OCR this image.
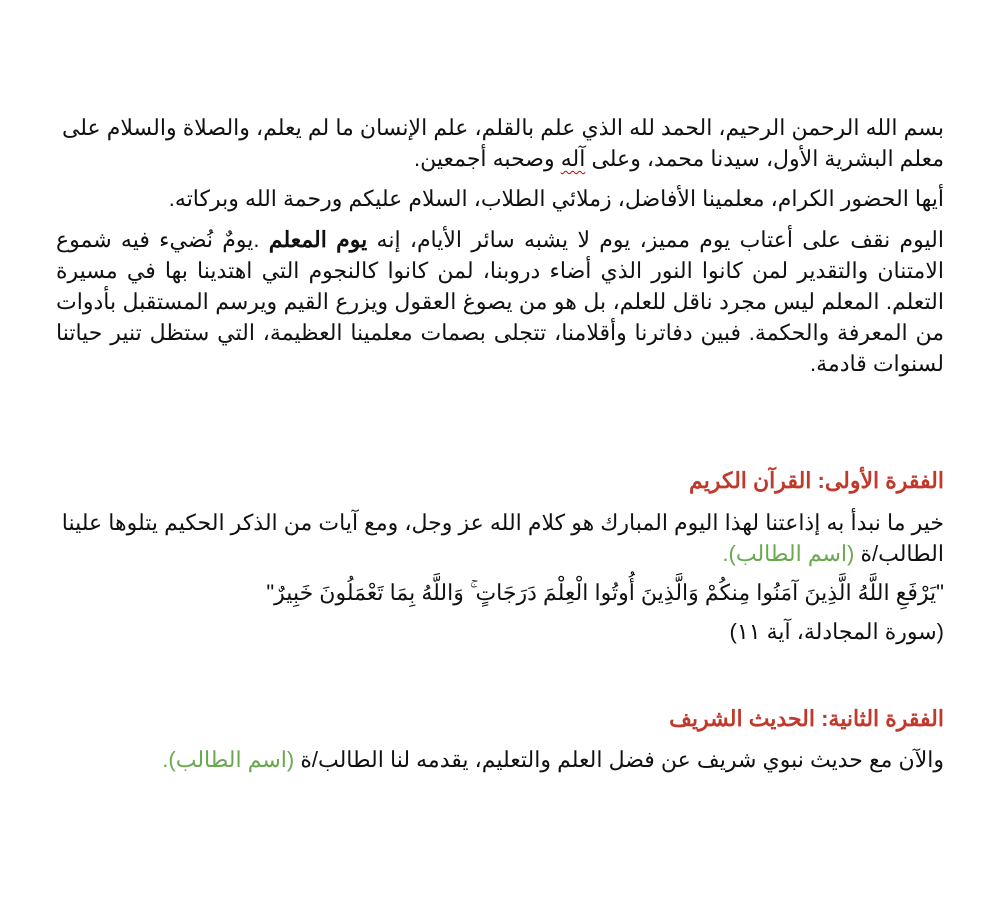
بسم الله الرحمن الرحيم، الحمد لله الذي علم بالقلم، علم الإنسان ما لم يعلم، والصلاة والسلام على معلم البشرية الأول، سيدنا محمد، وعلى آله وصحبه أجمعين.

أيها الحضور الكرام، معلمينا الأفاضل، زملائي الطلاب، السلام عليكم ورحمة الله وبركاته.

اليوم نقف على أعتاب يوم مميز، يوم لا يشبه سائر الأيام، إنه يوم المعلم .يومٌ نُضيء فيه شموع الامتنان والتقدير لمن كانوا النور الذي أضاء دروبنا، لمن كانوا كالنجوم التي اهتدينا بها في مسيرة التعلم. المعلم ليس مجرد ناقل للعلم، بل هو من يصوغ العقول ويزرع القيم ويرسم المستقبل بأدوات من المعرفة والحكمة. فبين دفاترنا وأقلامنا، تتجلى بصمات معلمينا العظيمة، التي ستظل تنير حياتنا لسنوات قادمة.

الفقرة الأولى: القرآن الكريم

خير ما نبدأ به إذاعتنا لهذا اليوم المبارك هو كلام الله عز وجل، ومع آيات من الذكر الحكيم يتلوها علينا الطالب/ة (اسم الطالب).

"يَرْفَعِ اللَّهُ الَّذِينَ آمَنُوا مِنكُمْ وَالَّذِينَ أُوتُوا الْعِلْمَ دَرَجَاتٍ ۚ وَاللَّهُ بِمَا تَعْمَلُونَ خَبِيرٌ"

(سورة المجادلة، آية ١١)

الفقرة الثانية: الحديث الشريف

والآن مع حديث نبوي شريف عن فضل العلم والتعليم، يقدمه لنا الطالب/ة (اسم الطالب).
